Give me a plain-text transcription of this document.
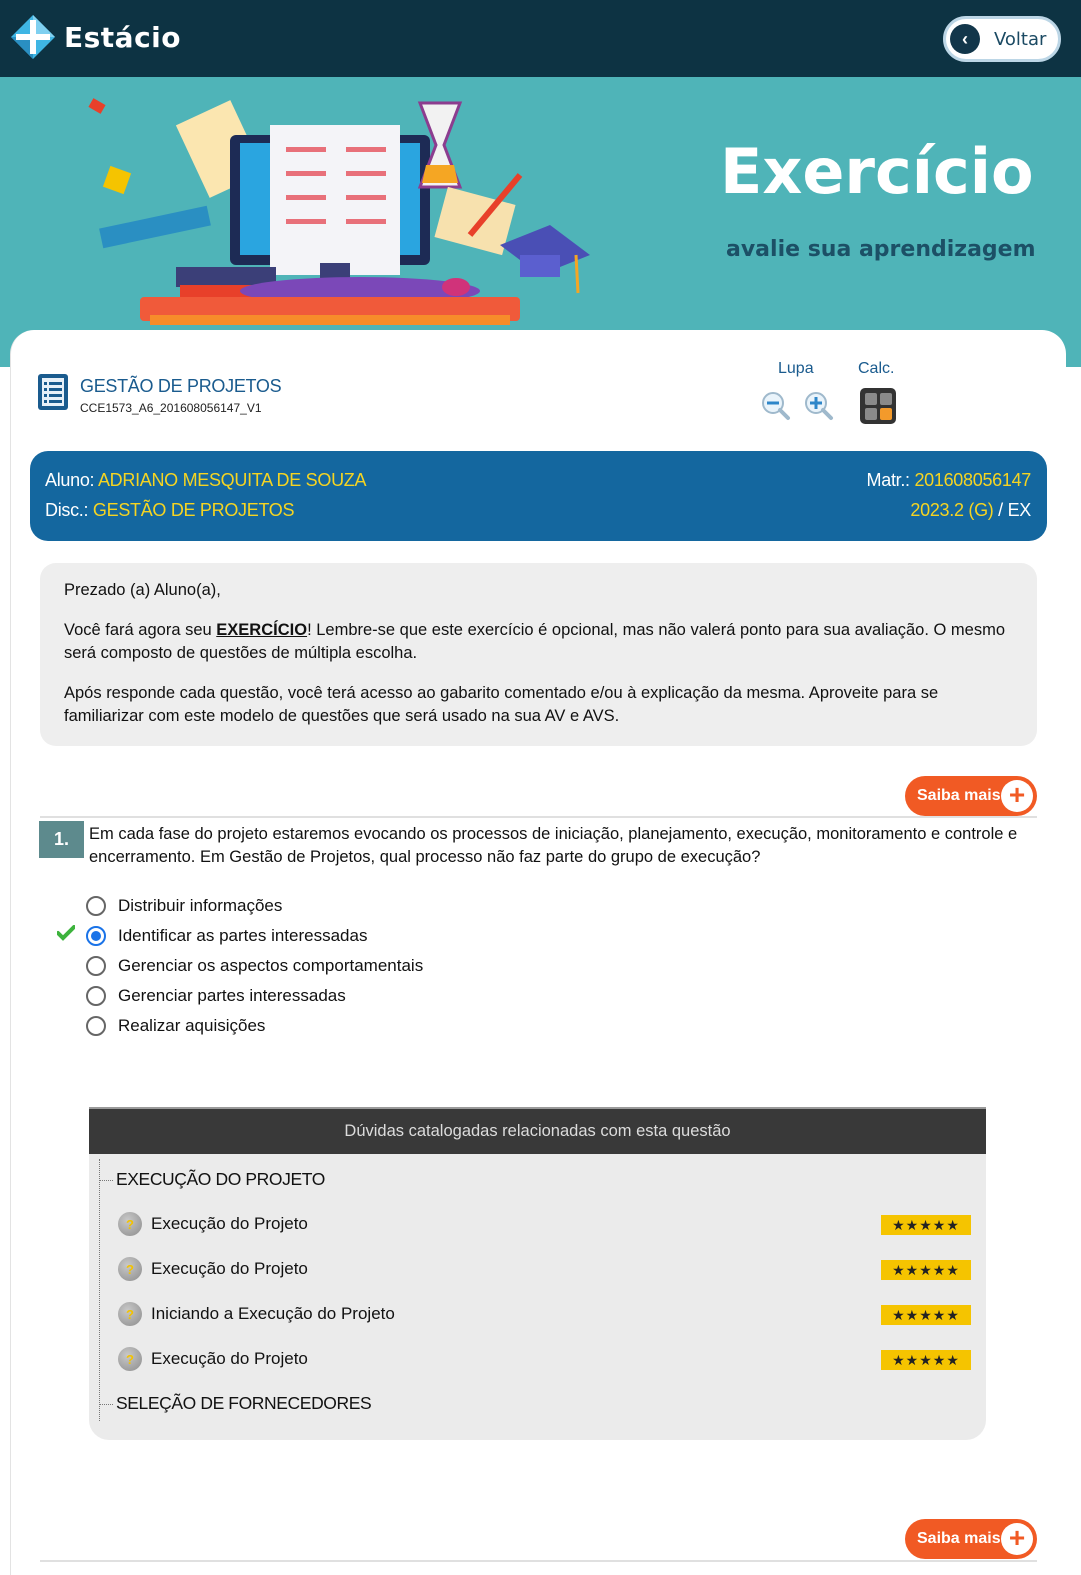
Estácio	‹	Voltar
Exercício
avalie sua aprendizagem
GESTÃO DE PROJETOS
CCE1573_A6_201608056147_V1
Lupa	Calc.
Aluno: ADRIANO MESQUITA DE SOUZA
Disc.: GESTÃO DE PROJETOS
Matr.: 201608056147
2023.2 (G) / EX

Prezado (a) Aluno(a),

Você fará agora seu EXERCÍCIO! Lembre-se que este exercício é opcional, mas não valerá ponto para sua avaliação. O mesmo será composto de questões de múltipla escolha.

Após responde cada questão, você terá acesso ao gabarito comentado e/ou à explicação da mesma. Aproveite para se familiarizar com este modelo de questões que será usado na sua AV e AVS.

Saiba mais +
1.	Em cada fase do projeto estaremos evocando os processos de iniciação, planejamento, execução, monitoramento e controle e encerramento. Em Gestão de Projetos, qual processo não faz parte do grupo de execução?
Distribuir informações
Identificar as partes interessadas
Gerenciar os aspectos comportamentais
Gerenciar partes interessadas
Realizar aquisições
Dúvidas catalogadas relacionadas com esta questão
EXECUÇÃO DO PROJETO
?	Execução do Projeto	★★★★★
?	Execução do Projeto	★★★★★
?	Iniciando a Execução do Projeto	★★★★★
?	Execução do Projeto	★★★★★
SELEÇÃO DE FORNECEDORES
Saiba mais +
